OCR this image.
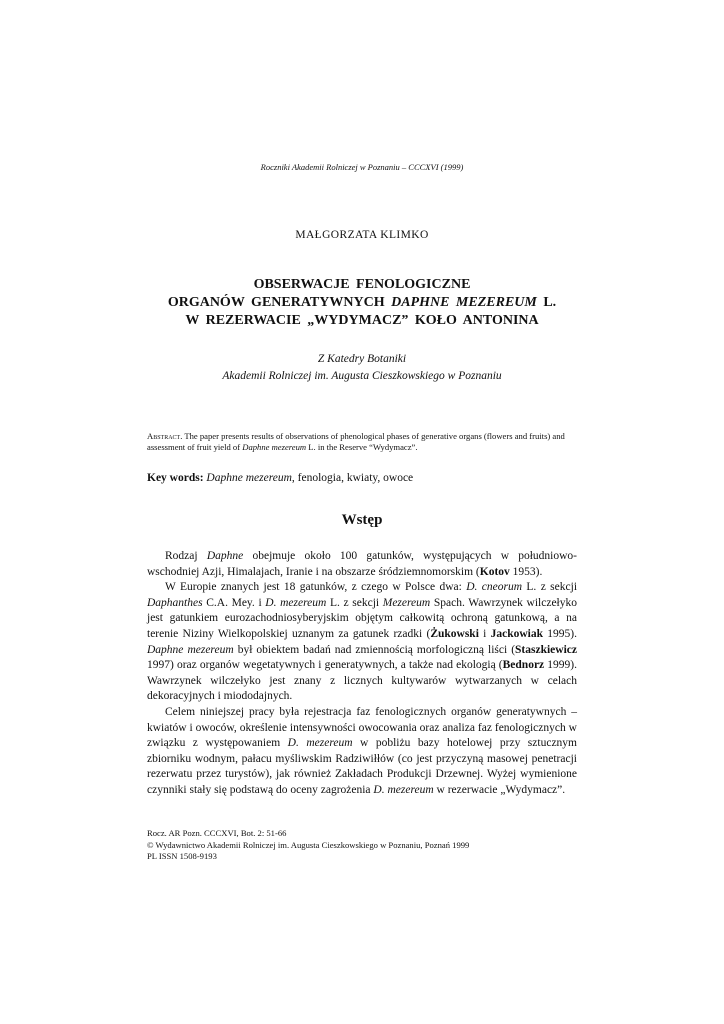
Roczniki Akademii Rolniczej w Poznaniu – CCCXVI (1999)
MAŁGORZATA KLIMKO
OBSERWACJE FENOLOGICZNE
ORGANÓW GENERATYWNYCH DAPHNE MEZEREUM L.
W REZERWACIE „WYDYMACZ” KOŁO ANTONINA
Z Katedry Botaniki
Akademii Rolniczej im. Augusta Cieszkowskiego w Poznaniu
Abstract. The paper presents results of observations of phenological phases of generative organs (flowers and fruits) and assessment of fruit yield of Daphne mezereum L. in the Reserve “Wydymacz”.
Key words: Daphne mezereum, fenologia, kwiaty, owoce
Wstęp

Rodzaj Daphne obejmuje około 100 gatunków, występujących w południowo-wschodniej Azji, Himalajach, Iranie i na obszarze śródziemnomorskim (Kotov 1953).

W Europie znanych jest 18 gatunków, z czego w Polsce dwa: D. cneorum L. z sekcji Daphanthes C.A. Mey. i D. mezereum L. z sekcji Mezereum Spach. Wawrzynek wilczełyko jest gatunkiem eurozachodniosyberyjskim objętym całkowitą ochroną gatunkową, a na terenie Niziny Wielkopolskiej uznanym za gatunek rzadki (Żukowski i Jackowiak 1995). Daphne mezereum był obiektem badań nad zmiennością morfologiczną liści (Staszkiewicz 1997) oraz organów wegetatywnych i generatywnych, a także nad ekologią (Bednorz 1999). Wawrzynek wilczełyko jest znany z licznych kultywarów wytwarzanych w celach dekoracyjnych i miododajnych.

Celem niniejszej pracy była rejestracja faz fenologicznych organów generatywnych – kwiatów i owoców, określenie intensywności owocowania oraz analiza faz fenologicznych w związku z występowaniem D. mezereum w pobliżu bazy hotelowej przy sztucznym zbiorniku wodnym, pałacu myśliwskim Radziwiłłów (co jest przyczyną masowej penetracji rezerwatu przez turystów), jak również Zakładach Produkcji Drzewnej. Wyżej wymienione czynniki stały się podstawą do oceny zagrożenia D. mezereum w rezerwacie „Wydymacz”.

Rocz. AR Pozn. CCCXVI, Bot. 2: 51-66
© Wydawnictwo Akademii Rolniczej im. Augusta Cieszkowskiego w Poznaniu, Poznań 1999
PL ISSN 1508-9193
